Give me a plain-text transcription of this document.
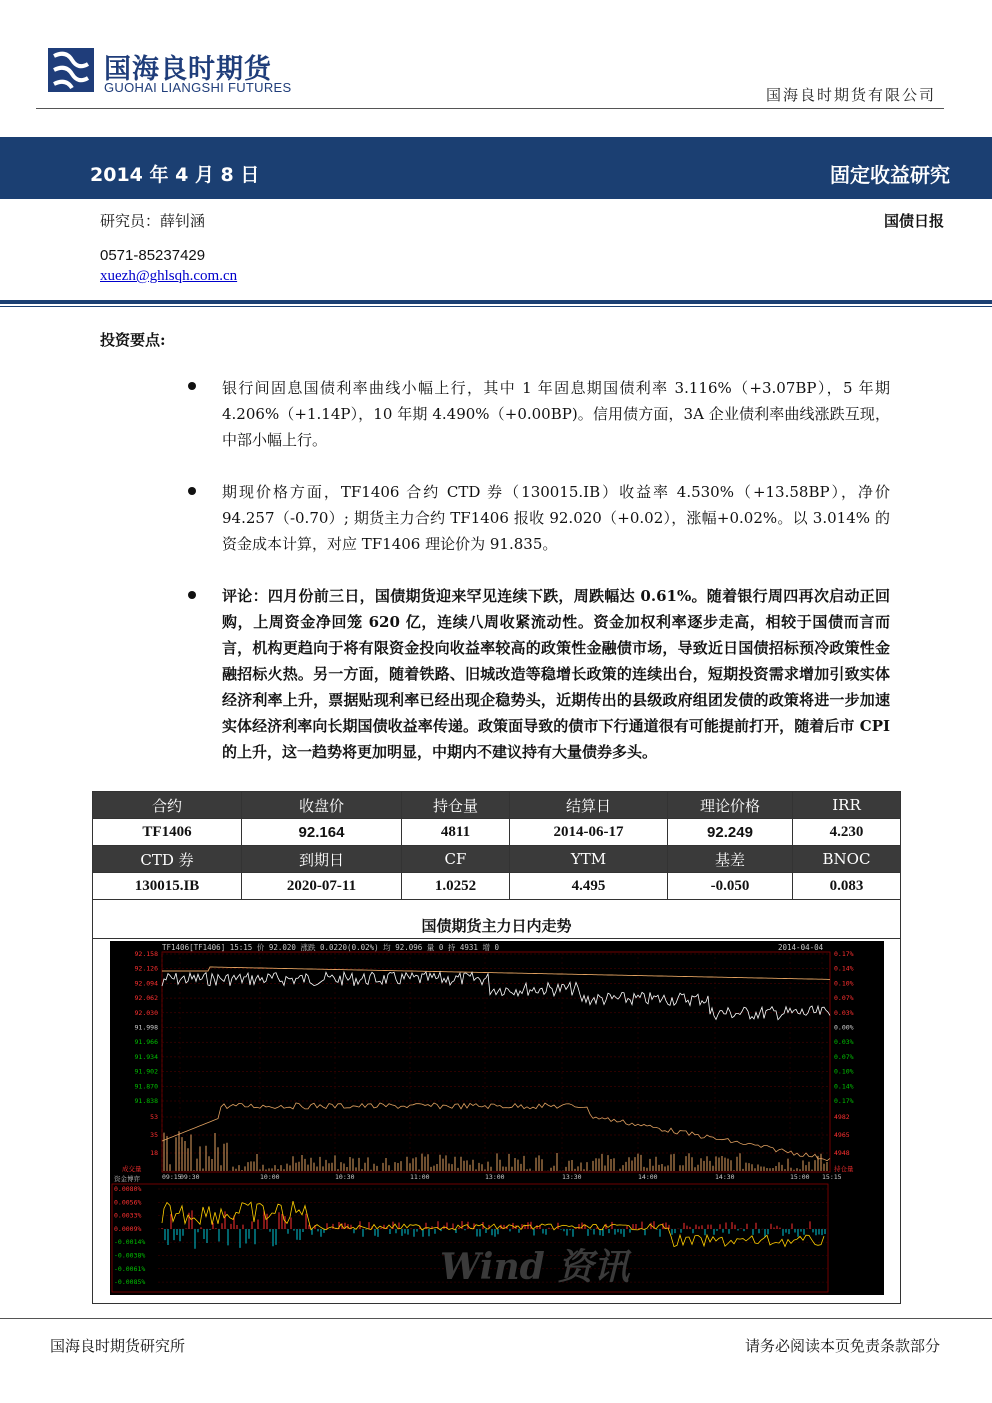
国海良时期货
GUOHAI LIANGSHI FUTURES	国海良时期货有限公司
2014 年 4 月 8 日	固定收益研究
研究员：薛钊涵	国债日报
0571-85237429
xuezh@ghlsqh.com.cn
投资要点:
银行间固息国债利率曲线小幅上行，其中 1 年固息期国债利率 3.116%（+3.07BP），5 年期 4.206%（+1.14P），10 年期 4.490%（+0.00BP)。信用债方面，3A 企业债利率曲线涨跌互现，中部小幅上行。
期现价格方面，TF1406 合约 CTD 券（130015.IB）收益率 4.530%（+13.58BP），净价 94.257（-0.70）; 期货主力合约 TF1406 报收 92.020（+0.02），涨幅+0.02%。以 3.014% 的资金成本计算，对应 TF1406 理论价为 91.835。
评论：四月份前三日，国债期货迎来罕见连续下跌，周跌幅达 0.61%。随着银行周四再次启动正回购，上周资金净回笼 620 亿，连续八周收紧流动性。资金加权利率逐步走高，相较于国债而言而言，机构更趋向于将有限资金投向收益率较高的政策性金融债市场，导致近日国债招标预冷政策性金融招标火热。另一方面，随着铁路、旧城改造等稳增长政策的连续出台，短期投资需求增加引致实体经济利率上升，票据贴现利率已经出现企稳势头，近期传出的县级政府组团发债的政策将进一步加速实体经济利率向长期国债收益率传递。政策面导致的债市下行通道很有可能提前打开，随着后市 CPI 的上升，这一趋势将更加明显，中期内不建议持有大量债券多头。
合约	收盘价	持仓量	结算日	理论价格	IRR
TF1406	92.164	4811	2014-06-17	92.249	4.230
CTD 券	到期日	CF	YTM	基差	BNOC
130015.IB	2020-07-11	1.0252	4.495	-0.050	0.083
国债期货主力日内走势
TF1406[TF1406] 15:15 价 92.020 涨跌 0.0220(0.02%) 均 92.096 量 0 持 4931 增 0	2014-04-04
92.158	0.17%
92.126	0.14%
92.094	0.10%
92.062	0.07%
92.030	0.03%
91.998	0.00%
91.966	0.03%
91.934	0.07%
91.902	0.10%
91.870	0.14%
91.838	0.17%
53	4982
35	4965
18	4948
成交量	持仓量
09:15
09:30	10:00	10:30	11:00	13:00	13:30	14:00	14:30	15:00 15:15
资金博弈
0.0080%
0.0056%
0.0033%
0.0009%
-0.0014%
-0.0038%
-0.0061%
-0.0085%	Wind 资讯
国海良时期货研究所	请务必阅读本页免责条款部分
